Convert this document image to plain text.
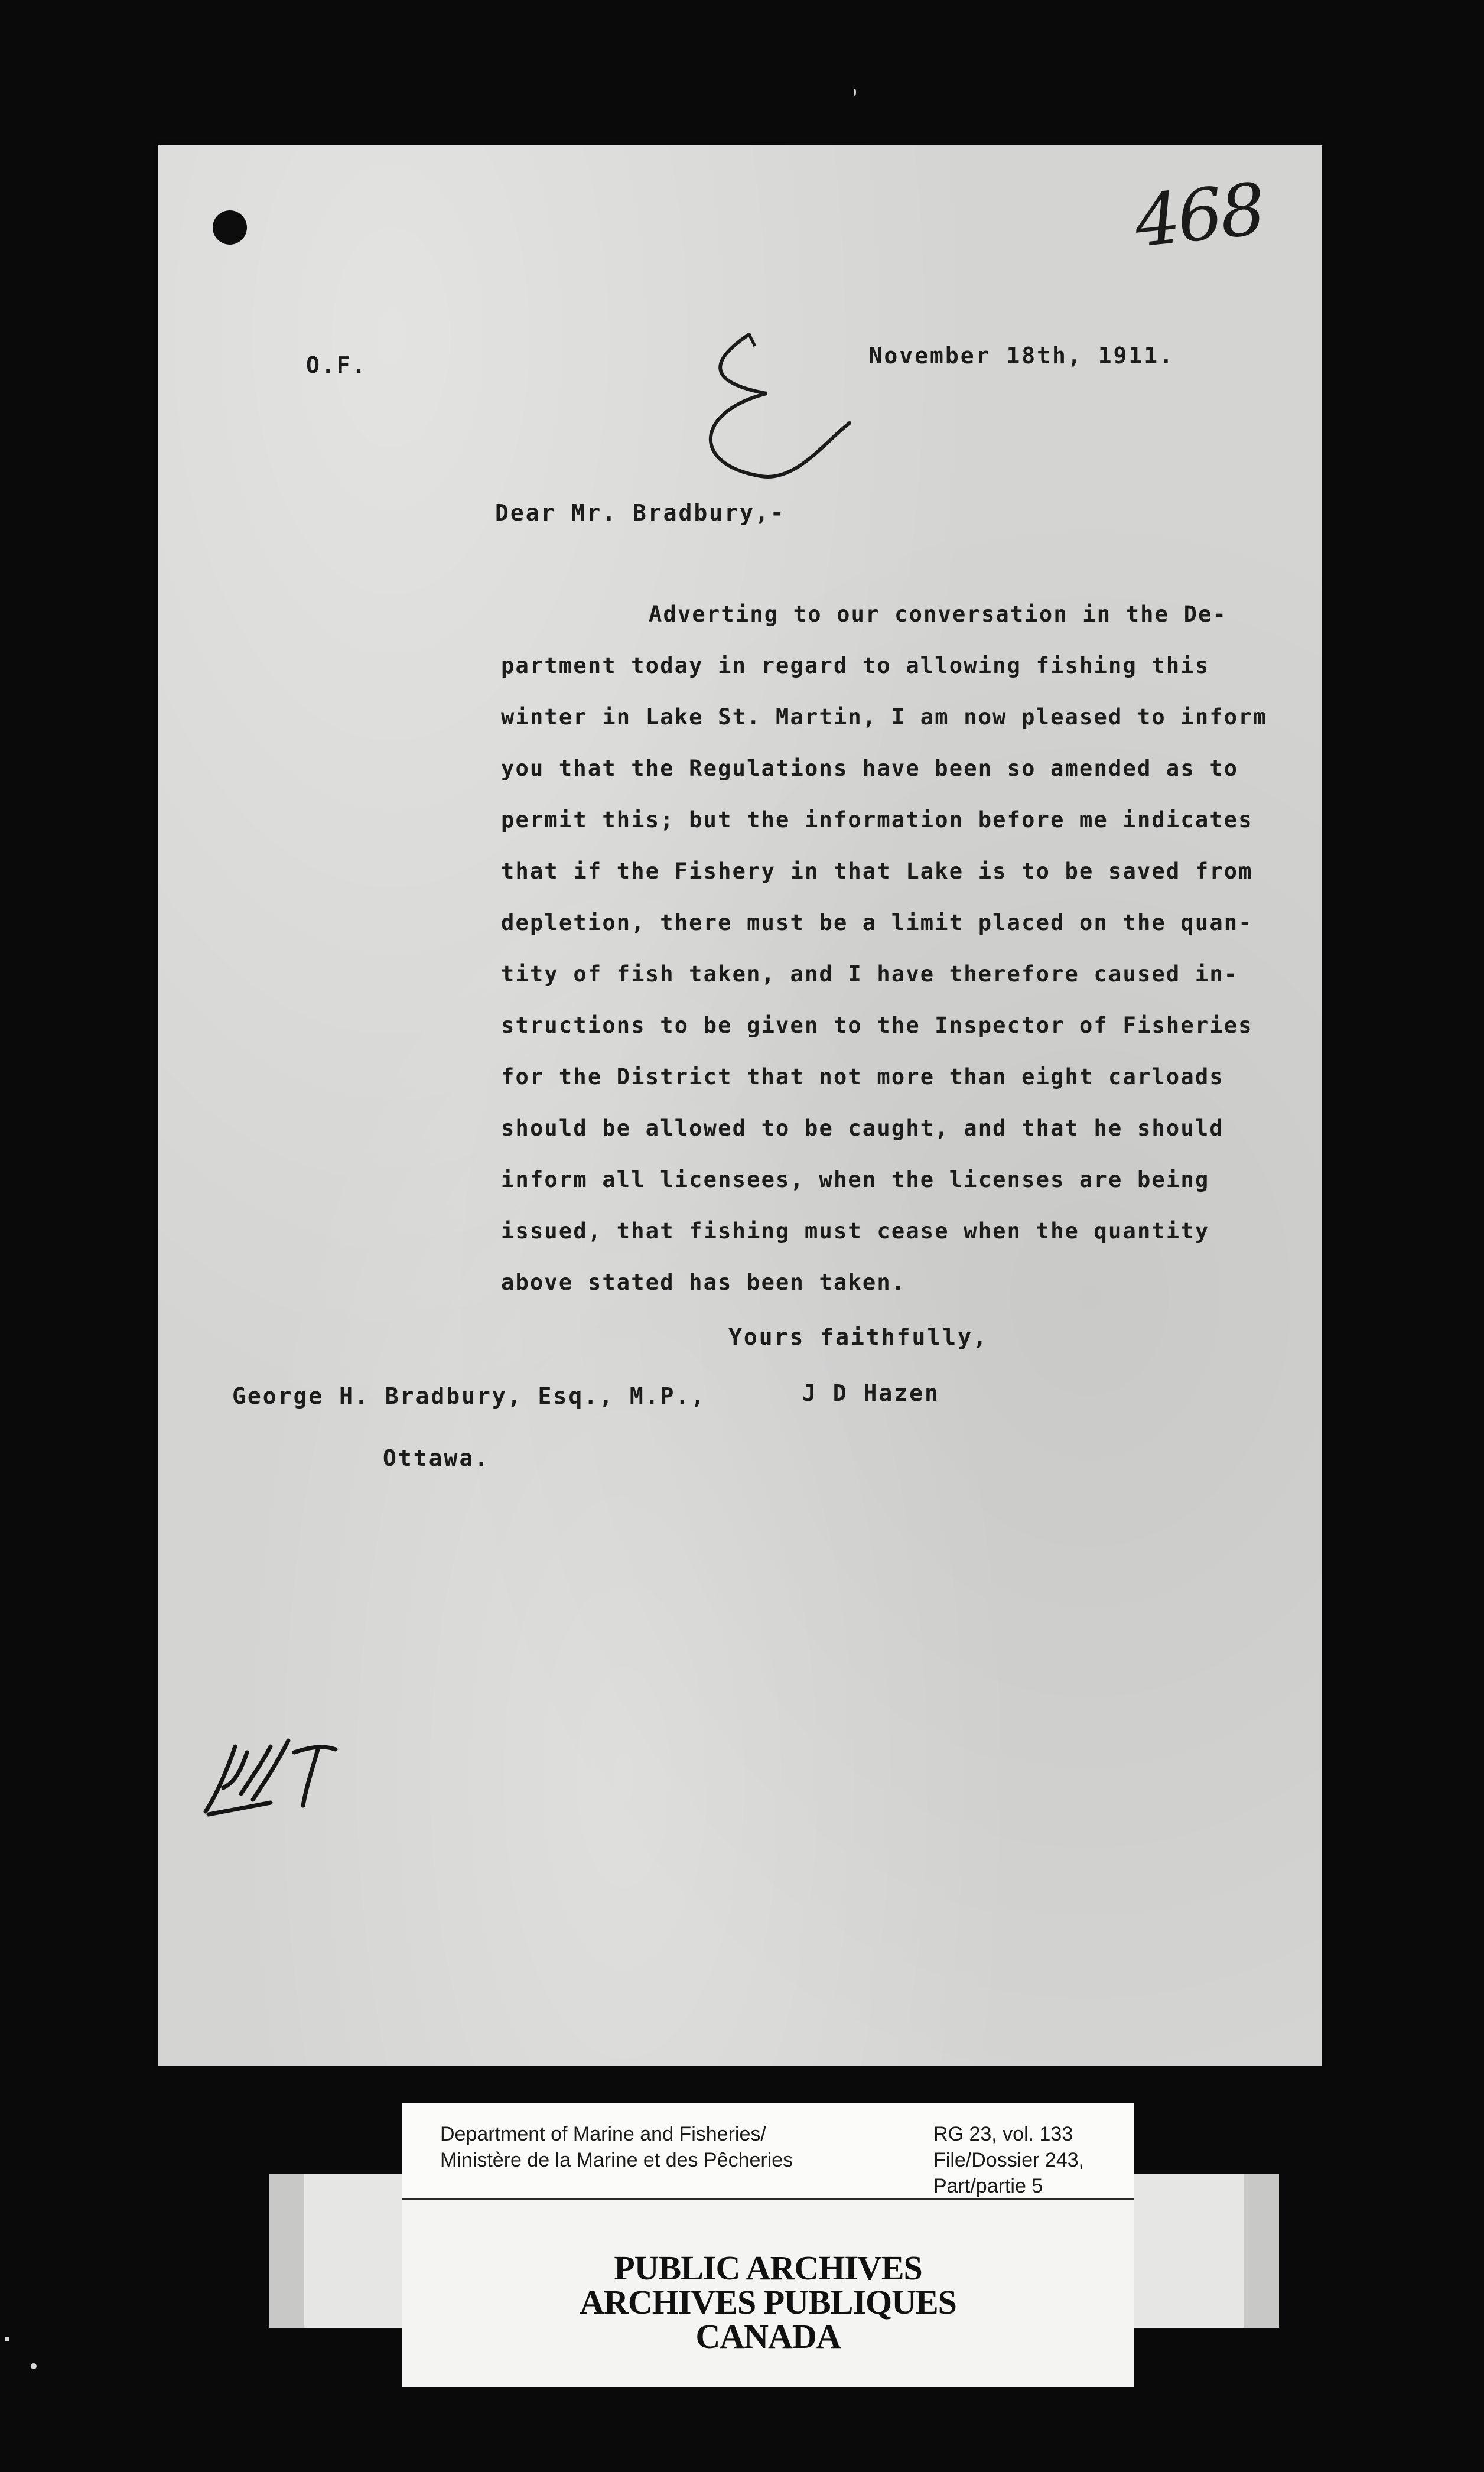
468
O.F.	November 18th, 1911.
Dear Mr. Bradbury,-
Adverting to our conversation in the De-
partment today in regard to allowing fishing this
winter in Lake St. Martin, I am now pleased to inform
you that the Regulations have been so amended as to
permit this; but the information before me indicates
that if the Fishery in that Lake is to be saved from
depletion, there must be a limit placed on the quan-
tity of fish taken, and I have therefore caused in-
structions to be given to the Inspector of Fisheries
for the District that not more than eight carloads
should be allowed to be caught, and that he should
inform all licensees, when the licenses are being
issued, that fishing must cease when the quantity
above stated has been taken.
Yours faithfully,
George H. Bradbury, Esq., M.P.,	J D Hazen
Ottawa.
Department of Marine and Fisheries/
Ministère de la Marine et des Pêcheries
RG 23, vol. 133
File/Dossier 243,
Part/partie 5
PUBLIC ARCHIVES
ARCHIVES PUBLIQUES
CANADA
